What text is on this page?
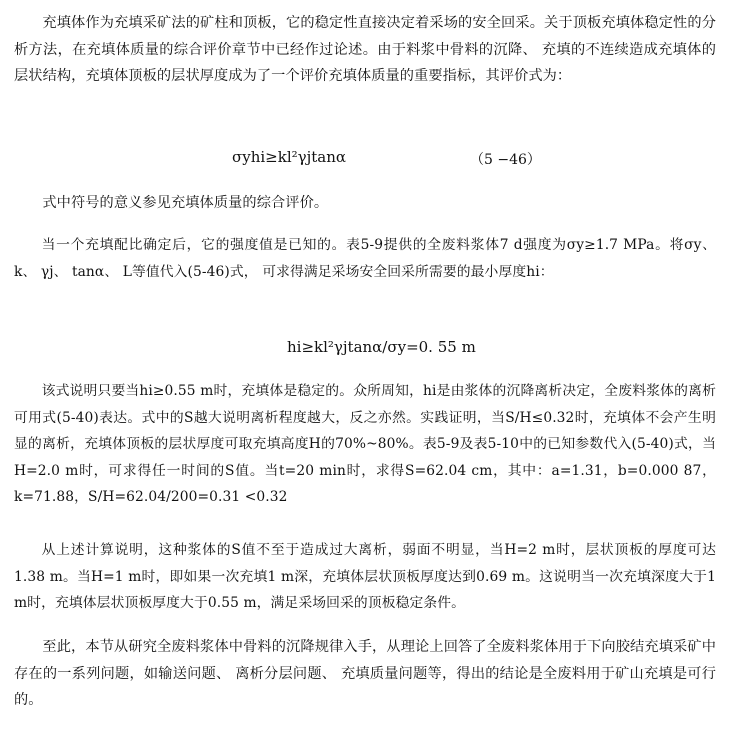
充填体作为充填采矿法的矿柱和顶板，它的稳定性直接决定着采场的安全回采。关于顶板充填体稳定性的分析方法，在充填体质量的综合评价章节中已经作过论述。由于料浆中骨料的沉降、 充填的不连续造成充填体的层状结构，充填体顶板的层状厚度成为了一个评价充填体质量的重要指标，其评价式为：

σyhi≥kl²γjtanα	（5 −46）

式中符号的意义参见充填体质量的综合评价。

当一个充填配比确定后，它的强度值是已知的。表5-9提供的全废料浆体7 d强度为σy≥1.7 MPa。将σy、 k、 γj、 tanα、 L等值代入(5-46)式， 可求得满足采场安全回采所需要的最小厚度hi：

hi≥kl²γjtanα/σy=0. 55 m

该式说明只要当hi≥0.55 m时，充填体是稳定的。众所周知，hi是由浆体的沉降离析决定，全废料浆体的离析可用式(5-40)表达。式中的S越大说明离析程度越大，反之亦然。实践证明，当S/H≤0.32时，充填体不会产生明显的离析，充填体顶板的层状厚度可取充填高度H的70%~80%。表5-9及表5-10中的已知参数代入(5-40)式，当H=2.0 m时，可求得任一时间的S值。当t=20 min时，求得S=62.04 cm，其中：a=1.31，b=0.000 87，k=71.88，S/H=62.04/200=0.31 <0.32

从上述计算说明，这种浆体的S值不至于造成过大离析，弱面不明显，当H=2 m时，层状顶板的厚度可达1.38 m。当H=1 m时，即如果一次充填1 m深，充填体层状顶板厚度达到0.69 m。这说明当一次充填深度大于1 m时，充填体层状顶板厚度大于0.55 m，满足采场回采的顶板稳定条件。

至此，本节从研究全废料浆体中骨料的沉降规律入手，从理论上回答了全废料浆体用于下向胶结充填采矿中存在的一系列问题，如输送问题、 离析分层问题、 充填质量问题等，得出的结论是全废料用于矿山充填是可行的。
